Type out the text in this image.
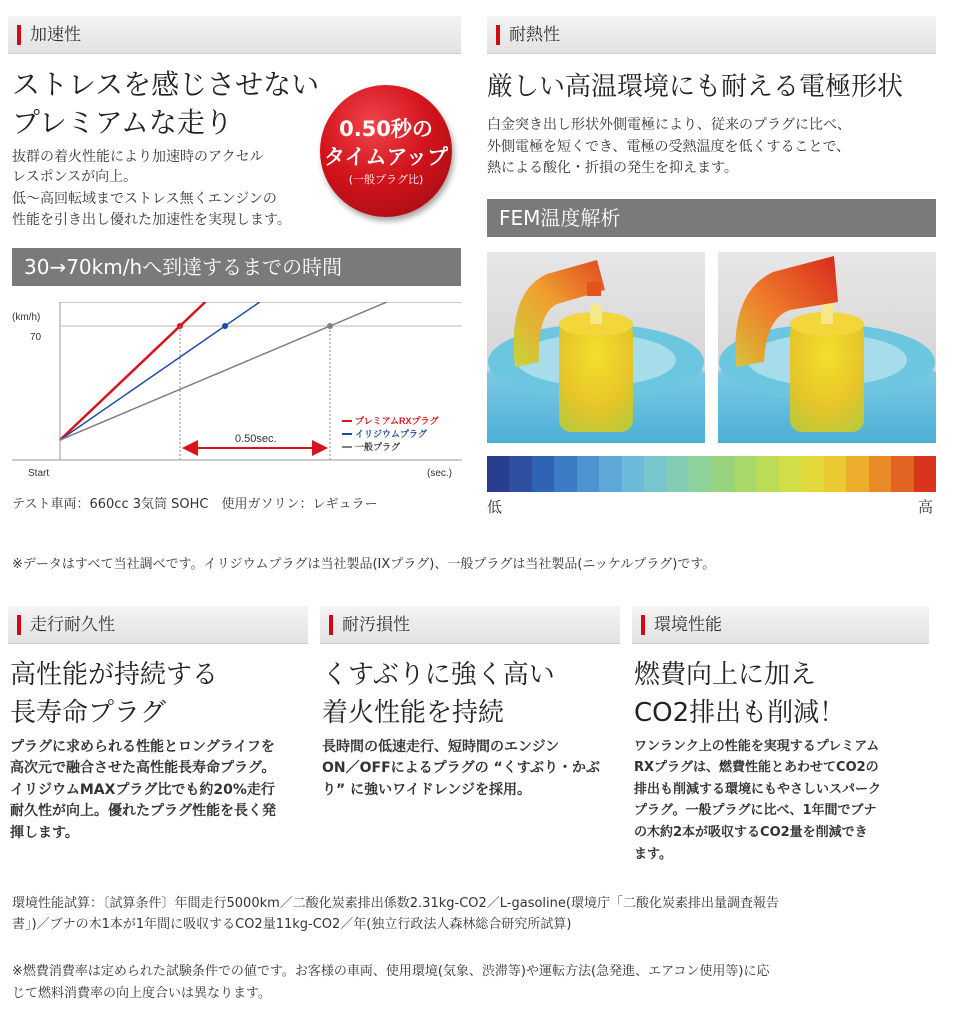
加速性
ストレスを感じさせない
プレミアムな走り
抜群の着火性能により加速時のアクセル
レスポンスが向上。
低〜高回転域までストレス無くエンジンの
性能を引き出し優れた加速性を実現します。
0.50秒の
タイムアップ
(一般プラグ比)
30→70km/hへ到達するまでの時間
(km/h)
70
Start	(sec.)
0.50sec.
プレミアムRXプラグ
イリジウムプラグ
一般プラグ
テスト車両：660cc 3気筒 SOHC　使用ガソリン：レギュラー
耐熱性
厳しい高温環境にも耐える電極形状
白金突き出し形状外側電極により、従来のプラグに比べ、
外側電極を短くでき、電極の受熱温度を低くすることで、
熱による酸化・折損の発生を抑えます。
FEM温度解析
低	高
※データはすべて当社調べです。イリジウムプラグは当社製品(IXプラグ)、一般プラグは当社製品(ニッケルプラグ)です。
走行耐久性
高性能が持続する
長寿命プラグ
プラグに求められる性能とロングライフを
高次元で融合させた高性能長寿命プラグ。
イリジウムMAXプラグ比でも約20%走行
耐久性が向上。優れたプラグ性能を長く発
揮します。
耐汚損性
くすぶりに強く高い
着火性能を持続
長時間の低速走行、短時間のエンジン
ON／OFFによるプラグの “くすぶり・かぶ
り” に強いワイドレンジを採用。
環境性能
燃費向上に加え
CO2排出も削減！
ワンランク上の性能を実現するプレミアム
RXプラグは、燃費性能とあわせてCO2の
排出も削減する環境にもやさしいスパーク
プラグ。一般プラグに比べ、1年間でブナ
の木約2本が吸収するCO2量を削減でき
ます。
環境性能試算：〔試算条件〕年間走行5000km／二酸化炭素排出係数2.31kg-CO2／L-gasoline(環境庁「二酸化炭素排出量調査報告
書」)／ブナの木1本が1年間に吸収するCO2量11kg-CO2／年(独立行政法人森林総合研究所試算)
※燃費消費率は定められた試験条件での値です。お客様の車両、使用環境(気象、渋滞等)や運転方法(急発進、エアコン使用等)に応
じて燃料消費率の向上度合いは異なります。
